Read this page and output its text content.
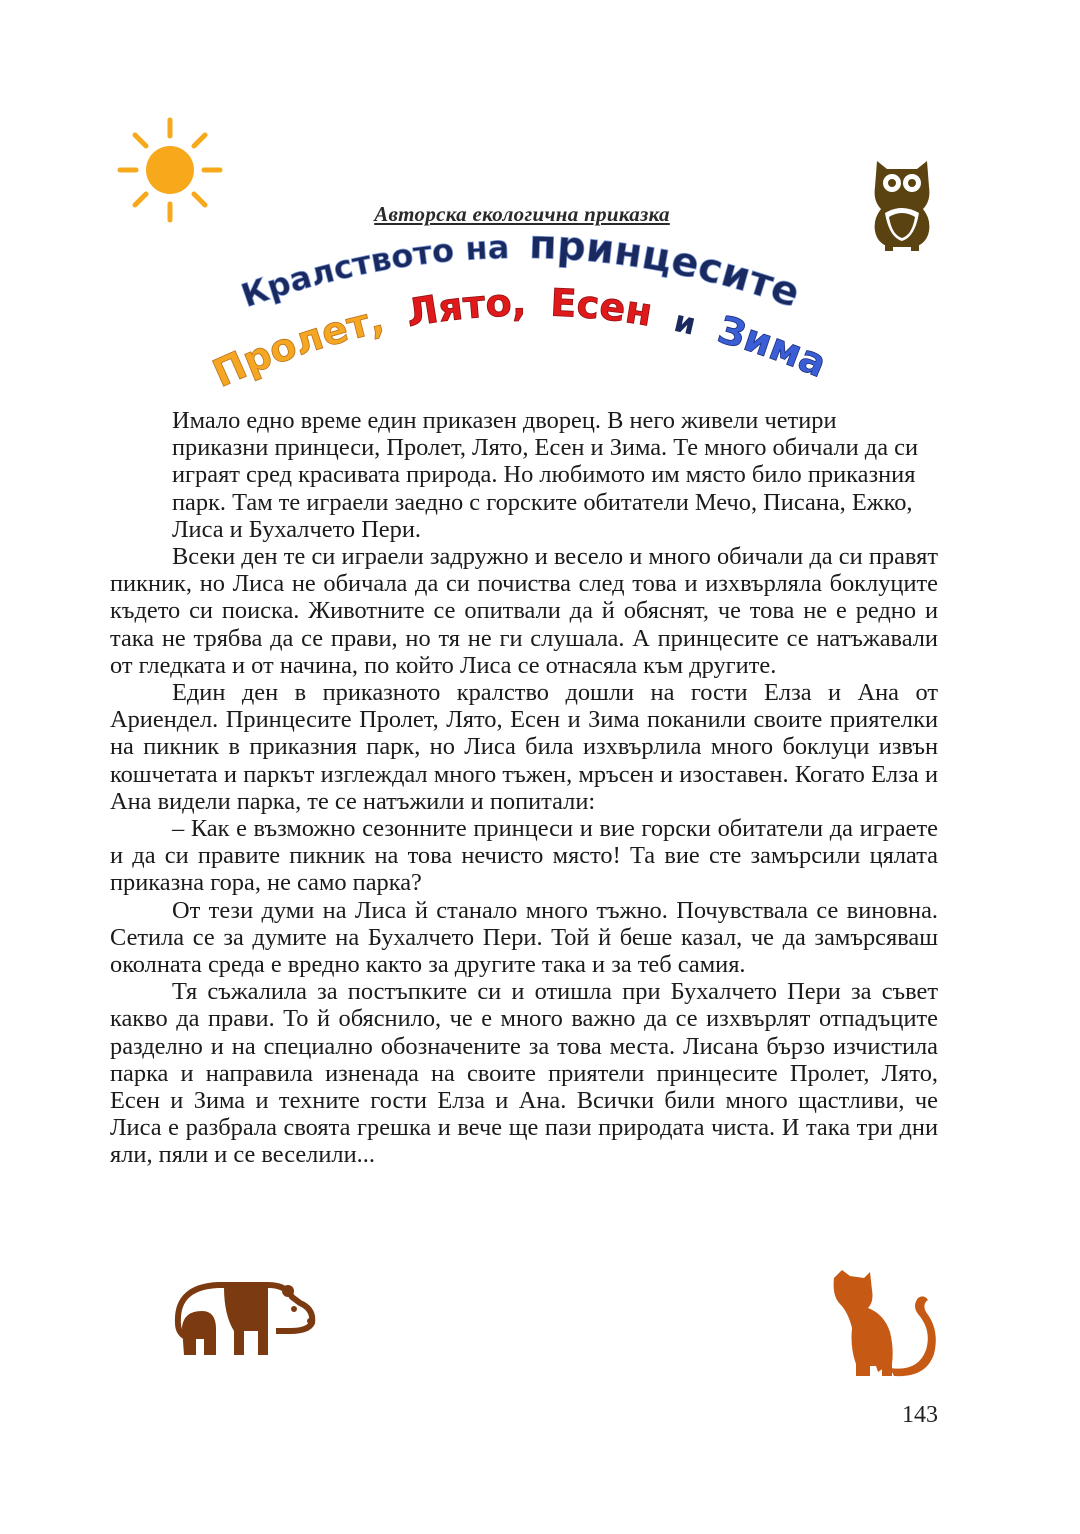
Авторска екологична приказка
Кралството на принцесите
Пролет, Лято, Есен и Зима

Имало едно време един приказен дворец. В него живели четири приказни принцеси, Пролет, Лято, Есен и Зима. Те много обичали да си играят сред красивата природа. Но любимото им място било приказния парк. Там те играели заедно с горските обитатели Мечо, Писана, Ежко, Лиса и Бухалчето Пери.

Всеки ден те си играели задружно и весело и много обичали да си правят пикник, но Лиса не обичала да си почиства след това и изхвърляла боклуците където си поиска. Животните се опитвали да й обяснят, че това не е редно и така не трябва да се прави, но тя не ги слушала. А принцесите се натъжавали от гледката и от начина, по който Лиса се отнасяла към другите.

Един ден в приказното кралство дошли на гости Елза и Ана от Ариендел. Принцесите Пролет, Лято, Есен и Зима поканили своите приятелки на пикник в приказния парк, но Лиса била изхвърлила много боклуци извън кошчетата и паркът изглеждал много тъжен, мръсен и изоставен. Когато Елза и Ана видели парка, те се натъжили и попитали:

– Как е възможно сезонните принцеси и вие горски обитатели да играете и да си правите пикник на това нечисто място! Та вие сте замърсили цялата приказна гора, не само парка?

От тези думи на Лиса й станало много тъжно. Почувствала се виновна. Сетила се за думите на Бухалчето Пери. Той й беше казал, че да замърсяваш околната среда е вредно както за другите така и за теб самия.

Тя съжалила за постъпките си и отишла при Бухалчето Пери за съвет какво да прави. То й обяснило, че е много важно да се изхвърлят отпадъците разделно и на специално обозначените за това места. Лисана бързо изчистила парка и направила изненада на своите приятели принцесите Пролет, Лято, Есен и Зима и техните гости Елза и Ана. Всички били много щастливи, че Лиса е разбрала своята грешка и вече ще пази природата чиста. И така три дни яли, пяли и се веселили...

143
